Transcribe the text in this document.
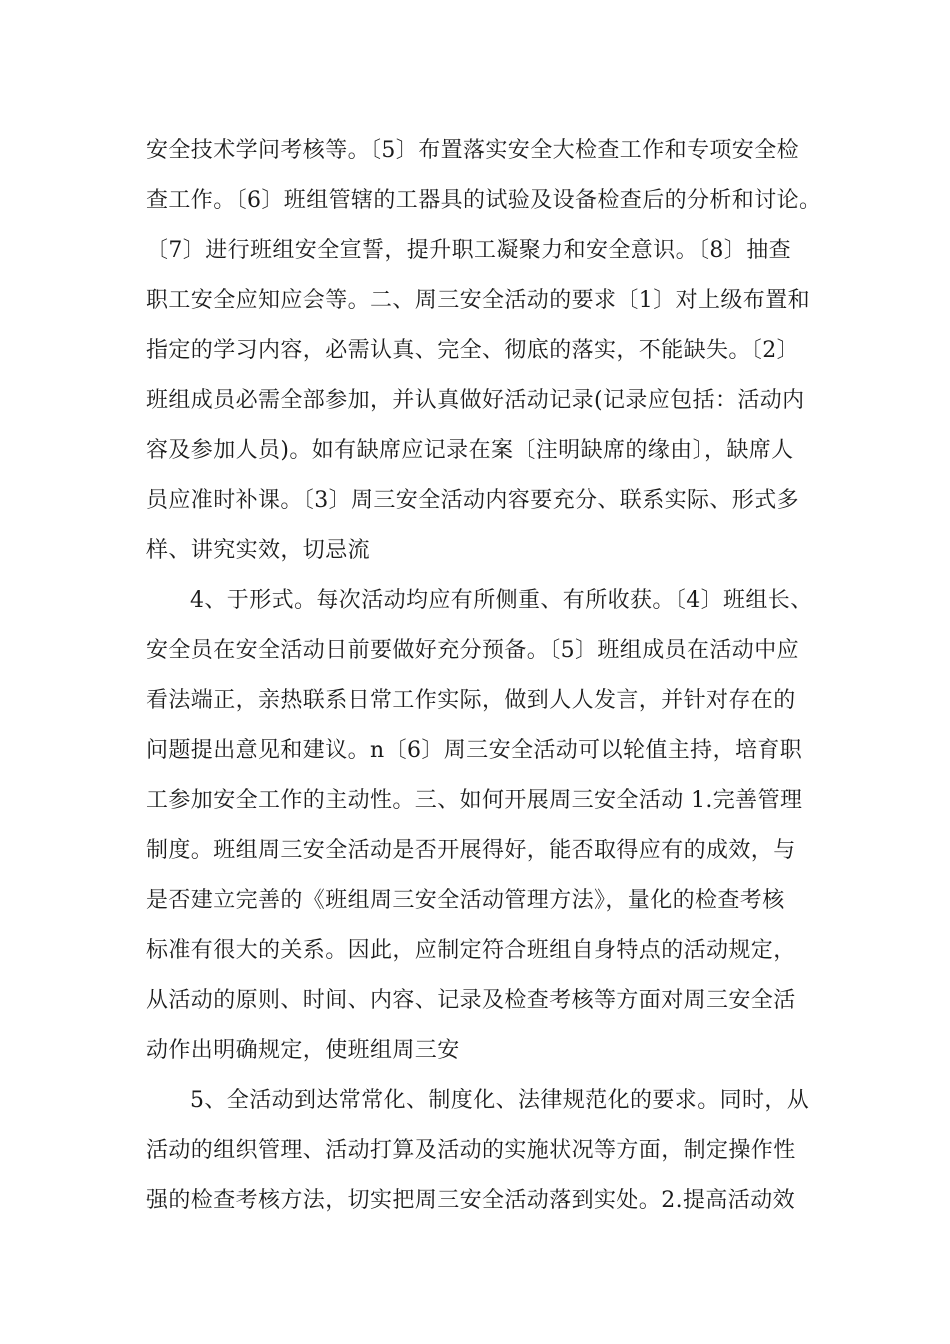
安全技术学问考核等。〔5〕布置落实安全大检查工作和专项安全检
查工作。〔6〕班组管辖的工器具的试验及设备检查后的分析和讨论。
〔7〕进行班组安全宣誓，提升职工凝聚力和安全意识。〔8〕抽查
职工安全应知应会等。二、周三安全活动的要求〔1〕对上级布置和
指定的学习内容，必需认真、完全、彻底的落实，不能缺失。〔2〕
班组成员必需全部参加，并认真做好活动记录(记录应包括：活动内
容及参加人员)。如有缺席应记录在案〔注明缺席的缘由〕，缺席人
员应准时补课。〔3〕周三安全活动内容要充分、联系实际、形式多
样、讲究实效，切忌流
4、于形式。每次活动均应有所侧重、有所收获。〔4〕班组长、
安全员在安全活动日前要做好充分预备。〔5〕班组成员在活动中应
看法端正，亲热联系日常工作实际，做到人人发言，并针对存在的
问题提出意见和建议。n〔6〕周三安全活动可以轮值主持，培育职
工参加安全工作的主动性。三、如何开展周三安全活动 1.完善管理
制度。班组周三安全活动是否开展得好，能否取得应有的成效，与
是否建立完善的《班组周三安全活动管理方法》，量化的检查考核
标准有很大的关系。因此，应制定符合班组自身特点的活动规定，
从活动的原则、时间、内容、记录及检查考核等方面对周三安全活
动作出明确规定，使班组周三安
5、全活动到达常常化、制度化、法律规范化的要求。同时，从
活动的组织管理、活动打算及活动的实施状况等方面，制定操作性
强的检查考核方法，切实把周三安全活动落到实处。2.提高活动效
